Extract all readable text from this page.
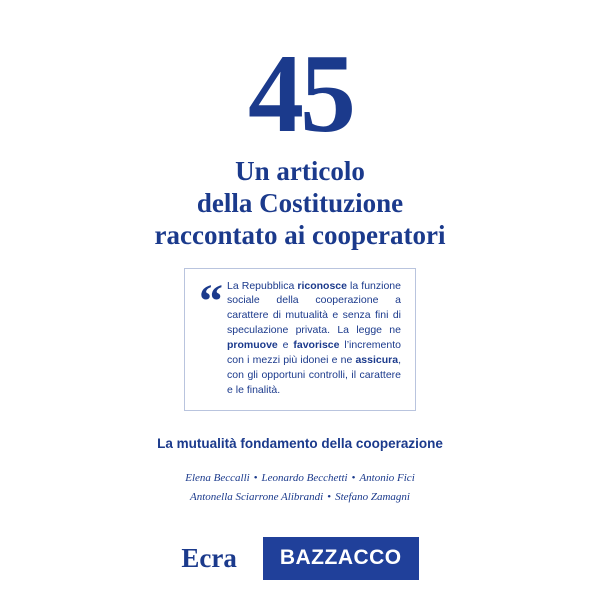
45
Un articolo
della Costituzione
raccontato ai cooperatori
“ La Repubblica riconosce la funzione sociale della cooperazione a carattere di mutualità e senza fini di speculazione privata. La legge ne promuove e favorisce l’incremento con i mezzi più idonei e ne assicura, con gli opportuni controlli, il carattere e le finalità.
La mutualità fondamento della cooperazione
Elena Beccalli • Leonardo Becchetti • Antonio Fici
Antonella Sciarrone Alibrandi • Stefano Zamagni
Ecra	BAZZACCO
